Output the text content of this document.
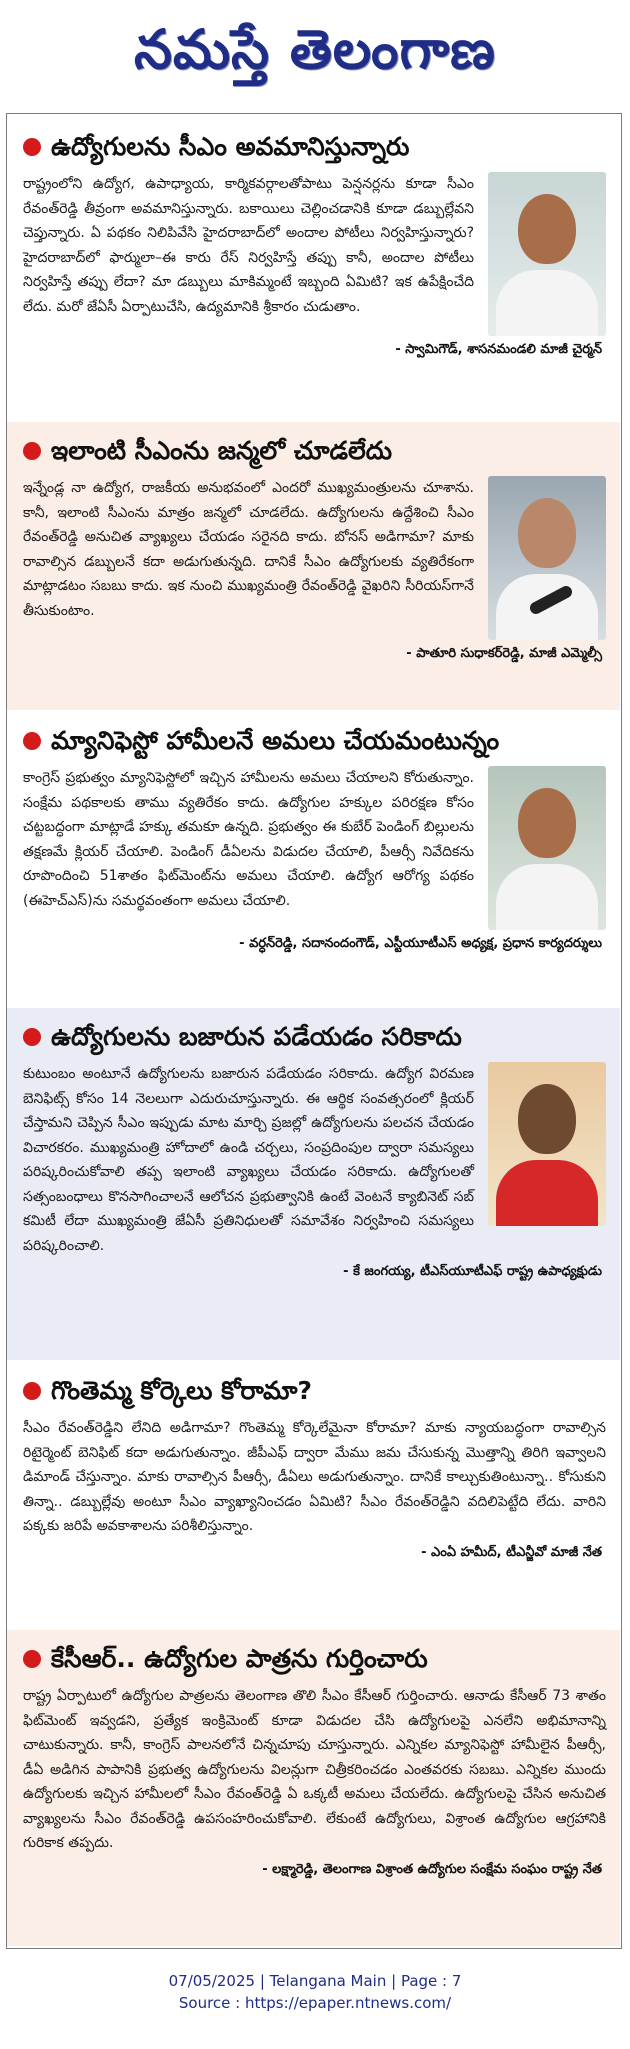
నమస్తే తెలంగాణ
ఉద్యోగులను సీఎం అవమానిస్తున్నారు

రాష్ట్రంలోని ఉద్యోగ, ఉపాధ్యాయ, కార్మికవర్గాలతోపాటు పెన్షనర్లను కూడా సీఎం రేవంత్‌రెడ్డి తీవ్రంగా అవమానిస్తున్నారు. బకాయిలు చెల్లించడానికి కూడా డబ్బుల్లేవని చెప్తున్నారు. ఏ పథకం నిలిపివేసి హైదరాబాద్‌లో అందాల పోటీలు నిర్వహిస్తున్నారు? హైదరాబాద్‌లో ఫార్ములా–ఈ కారు రేస్ నిర్వహిస్తే తప్పు కానీ, అందాల పోటీలు నిర్వహిస్తే తప్పు లేదా? మా డబ్బులు మాకిమ్మంటే ఇబ్బంది ఏమిటి? ఇక ఉపేక్షించేది లేదు. మరో జేఏసీ ఏర్పాటుచేసి, ఉద్యమానికి శ్రీకారం చుడుతాం.

- స్వామిగౌడ్, శాసనమండలి మాజీ చైర్మన్
ఇలాంటి సీఎంను జన్మలో చూడలేదు

ఇన్నేండ్ల నా ఉద్యోగ, రాజకీయ అనుభవంలో ఎందరో ముఖ్యమంత్రులను చూశాను. కానీ, ఇలాంటి సీఎంను మాత్రం జన్మలో చూడలేదు. ఉద్యోగులను ఉద్దేశించి సీఎం రేవంత్‌రెడ్డి అనుచిత వ్యాఖ్యలు చేయడం సరైనది కాదు. బోనస్ అడిగామా? మాకు రావాల్సిన డబ్బులనే కదా అడుగుతున్నది. దానికే సీఎం ఉద్యోగులకు వ్యతిరేకంగా మాట్లాడటం సబబు కాదు. ఇక నుంచి ముఖ్యమంత్రి రేవంత్‌రెడ్డి వైఖరిని సీరియస్‌గానే తీసుకుంటాం.

- పాతూరి సుధాకర్‌రెడ్డి, మాజీ ఎమ్మెల్సీ
మ్యానిఫెస్టో హామీలనే అమలు చేయమంటున్నం

కాంగ్రెస్ ప్రభుత్వం మ్యానిఫెస్టోలో ఇచ్చిన హామీలను అమలు చేయాలని కోరుతున్నాం. సంక్షేమ పథకాలకు తాము వ్యతిరేకం కాదు. ఉద్యోగుల హక్కుల పరిరక్షణ కోసం చట్టబద్ధంగా మాట్లాడే హక్కు తమకూ ఉన్నది. ప్రభుత్వం ఈ కుబేర్ పెండింగ్ బిల్లులను తక్షణమే క్లియర్ చేయాలి. పెండింగ్ డీఏలను విడుదల చేయాలి, పీఆర్సీ నివేదికను రూపొందించి 51శాతం ఫిట్‌మెంట్‌ను అమలు చేయాలి. ఉద్యోగ ఆరోగ్య పథకం (ఈహెచ్‌ఎస్)ను సమర్థవంతంగా అమలు చేయాలి.

- వర్ధన్‌రెడ్డి, సదానందంగౌడ్, ఎస్టీయూటీఎస్ అధ్యక్ష, ప్రధాన కార్యదర్శులు
ఉద్యోగులను బజారున పడేయడం సరికాదు

కుటుంబం అంటూనే ఉద్యోగులను బజారున పడేయడం సరికాదు. ఉద్యోగ విరమణ బెనిఫిట్స్ కోసం 14 నెలలుగా ఎదురుచూస్తున్నారు. ఈ ఆర్థిక సంవత్సరంలో క్లియర్ చేస్తామని చెప్పిన సీఎం ఇప్పుడు మాట మార్చి ప్రజల్లో ఉద్యోగులను పలచన చేయడం విచారకరం. ముఖ్యమంత్రి హోదాలో ఉండి చర్చలు, సంప్రదింపుల ద్వారా సమస్యలు పరిష్కరించుకోవాలి తప్ప ఇలాంటి వ్యాఖ్యలు చేయడం సరికాదు. ఉద్యోగులతో సత్సంబంధాలు కొనసాగించాలనే ఆలోచన ప్రభుత్వానికి ఉంటే వెంటనే క్యాబినెట్ సబ్ కమిటీ లేదా ముఖ్యమంత్రి జేఏసీ ప్రతినిధులతో సమావేశం నిర్వహించి సమస్యలు పరిష్కరించాలి.

- కే జంగయ్య, టీఎస్‌యూటీఎఫ్ రాష్ట్ర ఉపాధ్యక్షుడు
గొంతెమ్మ కోర్కెలు కోరామా?

సీఎం రేవంత్‌రెడ్డిని లేనిది అడిగామా? గొంతెమ్మ కోర్కెలేమైనా కోరామా? మాకు న్యాయబద్ధంగా రావాల్సిన రిటైర్మెంట్ బెనిఫిట్ కదా అడుగుతున్నాం. జీపీఎఫ్ ద్వారా మేము జమ చేసుకున్న మొత్తాన్ని తిరిగి ఇవ్వాలని డిమాండ్ చేస్తున్నాం. మాకు రావాల్సిన పీఆర్సీ, డీఏలు అడుగుతున్నాం. దానికే కాల్చుకుతింటున్నా.. కోసుకుని తిన్నా.. డబ్బుల్లేవు అంటూ సీఎం వ్యాఖ్యానించడం ఏమిటి? సీఎం రేవంత్‌రెడ్డిని వదిలిపెట్టేది లేదు. వారిని పక్కకు జరిపే అవకాశాలను పరిశీలిస్తున్నాం.

- ఎంఏ హమీద్, టీఎన్జీవో మాజీ నేత
కేసీఆర్.. ఉద్యోగుల పాత్రను గుర్తించారు

రాష్ట్ర ఏర్పాటులో ఉద్యోగుల పాత్రలను తెలంగాణ తొలి సీఎం కేసీఆర్ గుర్తించారు. ఆనాడు కేసీఆర్ 73 శాతం ఫిట్‌మెంట్ ఇవ్వడని, ప్రత్యేక ఇంక్రిమెంట్ కూడా విడుదల చేసి ఉద్యోగులపై ఎనలేని అభిమానాన్ని చాటుకున్నారు. కానీ, కాంగ్రెస్ పాలనలోనే చిన్నచూపు చూస్తున్నారు. ఎన్నికల మ్యానిఫెస్టో హామీలైన పీఆర్సీ, డీఏ అడిగిన పాపానికి ప్రభుత్వ ఉద్యోగులను విలన్లుగా చిత్రీకరించడం ఎంతవరకు సబబు. ఎన్నికల ముందు ఉద్యోగులకు ఇచ్చిన హామీలలో సీఎం రేవంత్‌రెడ్డి ఏ ఒక్కటీ అమలు చేయలేదు. ఉద్యోగులపై చేసిన అనుచిత వ్యాఖ్యలను సీఎం రేవంత్‌రెడ్డి ఉపసంహరించుకోవాలి. లేకుంటే ఉద్యోగులు, విశ్రాంత ఉద్యోగుల ఆగ్రహానికి గురికాక తప్పదు.

- లక్ష్మారెడ్డి, తెలంగాణ విశ్రాంత ఉద్యోగుల సంక్షేమ సంఘం రాష్ట్ర నేత
07/05/2025 | Telangana Main | Page : 7
Source : https://epaper.ntnews.com/
